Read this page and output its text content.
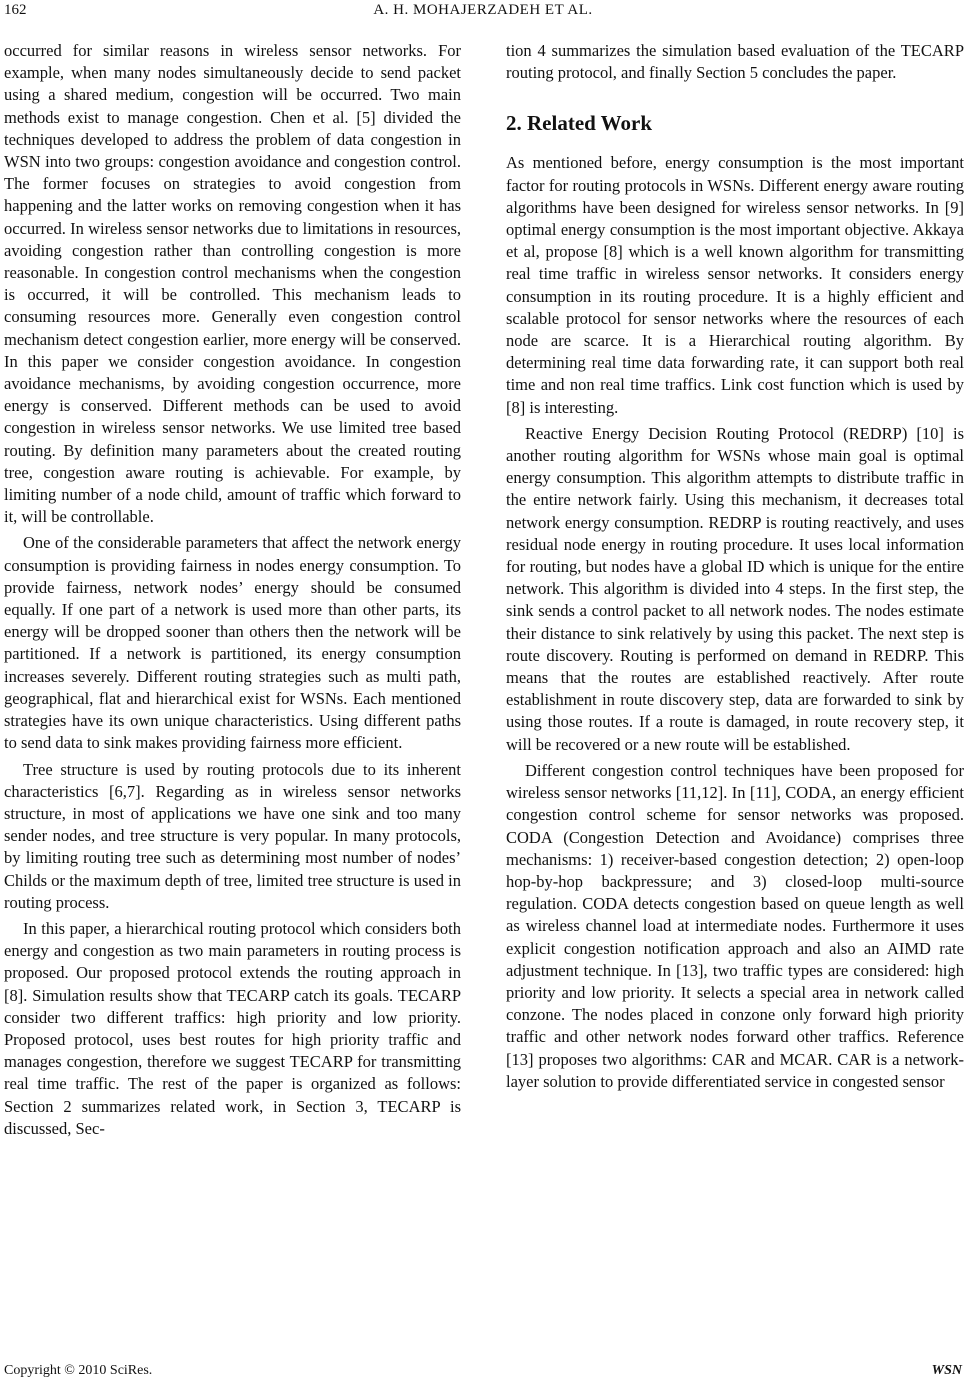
162	A. H. MOHAJERZADEH ET AL.

occurred for similar reasons in wireless sensor networks. For example, when many nodes simultaneously decide to send packet using a shared medium, congestion will be occurred. Two main methods exist to manage congestion. Chen et al. [5] divided the techniques developed to address the problem of data congestion in WSN into two groups: congestion avoidance and congestion control. The former focuses on strategies to avoid congestion from happening and the latter works on removing congestion when it has occurred. In wireless sensor networks due to limitations in resources, avoiding congestion rather than controlling congestion is more reasonable. In congestion control mechanisms when the congestion is occurred, it will be controlled. This mechanism leads to consuming resources more. Generally even congestion control mechanism detect congestion earlier, more energy will be conserved. In this paper we consider congestion avoidance. In congestion avoidance mechanisms, by avoiding congestion occurrence, more energy is conserved. Different methods can be used to avoid congestion in wireless sensor networks. We use limited tree based routing. By definition many parameters about the created routing tree, congestion aware routing is achievable. For example, by limiting number of a node child, amount of traffic which forward to it, will be controllable.

One of the considerable parameters that affect the network energy consumption is providing fairness in nodes energy consumption. To provide fairness, network nodes’ energy should be consumed equally. If one part of a network is used more than other parts, its energy will be dropped sooner than others then the network will be partitioned. If a network is partitioned, its energy consumption increases severely. Different routing strategies such as multi path, geographical, flat and hierarchical exist for WSNs. Each mentioned strategies have its own unique characteristics. Using different paths to send data to sink makes providing fairness more efficient.

Tree structure is used by routing protocols due to its inherent characteristics [6,7]. Regarding as in wireless sensor networks structure, in most of applications we have one sink and too many sender nodes, and tree structure is very popular. In many protocols, by limiting routing tree such as determining most number of nodes’ Childs or the maximum depth of tree, limited tree structure is used in routing process.

In this paper, a hierarchical routing protocol which considers both energy and congestion as two main parameters in routing process is proposed. Our proposed protocol extends the routing approach in [8]. Simulation results show that TECARP catch its goals. TECARP consider two different traffics: high priority and low priority. Proposed protocol, uses best routes for high priority traffic and manages congestion, therefore we suggest TECARP for transmitting real time traffic. The rest of the paper is organized as follows: Section 2 summarizes related work, in Section 3, TECARP is discussed, Sec-

tion 4 summarizes the simulation based evaluation of the TECARP routing protocol, and finally Section 5 concludes the paper.

2. Related Work

As mentioned before, energy consumption is the most important factor for routing protocols in WSNs. Different energy aware routing algorithms have been designed for wireless sensor networks. In [9] optimal energy consumption is the most important objective. Akkaya et al, propose [8] which is a well known algorithm for transmitting real time traffic in wireless sensor networks. It considers energy consumption in its routing procedure. It is a highly efficient and scalable protocol for sensor networks where the resources of each node are scarce. It is a Hierarchical routing algorithm. By determining real time data forwarding rate, it can support both real time and non real time traffics. Link cost function which is used by [8] is interesting.

Reactive Energy Decision Routing Protocol (REDRP) [10] is another routing algorithm for WSNs whose main goal is optimal energy consumption. This algorithm attempts to distribute traffic in the entire network fairly. Using this mechanism, it decreases total network energy consumption. REDRP is routing reactively, and uses residual node energy in routing procedure. It uses local information for routing, but nodes have a global ID which is unique for the entire network. This algorithm is divided into 4 steps. In the first step, the sink sends a control packet to all network nodes. The nodes estimate their distance to sink relatively by using this packet. The next step is route discovery. Routing is performed on demand in REDRP. This means that the routes are established reactively. After route establishment in route discovery step, data are forwarded to sink by using those routes. If a route is damaged, in route recovery step, it will be recovered or a new route will be established.

Different congestion control techniques have been proposed for wireless sensor networks [11,12]. In [11], CODA, an energy efficient congestion control scheme for sensor networks was proposed. CODA (Congestion Detection and Avoidance) comprises three mechanisms: 1) receiver-based congestion detection; 2) open-loop hop-by-hop backpressure; and 3) closed-loop multi-source regulation. CODA detects congestion based on queue length as well as wireless channel load at intermediate nodes. Furthermore it uses explicit congestion notification approach and also an AIMD rate adjustment technique. In [13], two traffic types are considered: high priority and low priority. It selects a special area in network called conzone. The nodes placed in conzone only forward high priority traffic and other network nodes forward other traffics. Reference [13] proposes two algorithms: CAR and MCAR. CAR is a network-layer solution to provide differentiated service in congested sensor

Copyright © 2010 SciRes.	WSN
